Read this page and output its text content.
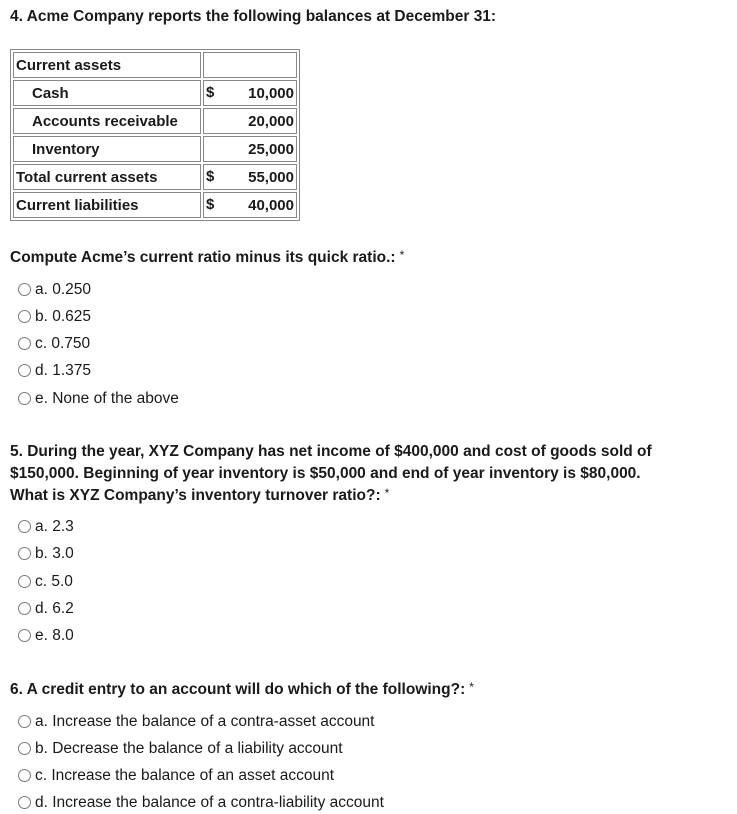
4. Acme Company reports the following balances at December 31:
Current assets	

Cash	$ 10,000
Accounts receivable	20,000
Inventory	25,000
Total current assets	$ 55,000
Current liabilities	$ 40,000
Compute Acme’s current ratio minus its quick ratio.: *
a. 0.250
b. 0.625
c. 0.750
d. 1.375
e. None of the above
5. During the year, XYZ Company has net income of $400,000 and cost of goods sold of
$150,000. Beginning of year inventory is $50,000 and end of year inventory is $80,000.
What is XYZ Company’s inventory turnover ratio?: *
a. 2.3
b. 3.0
c. 5.0
d. 6.2
e. 8.0
6. A credit entry to an account will do which of the following?: *
a. Increase the balance of a contra-asset account
b. Decrease the balance of a liability account
c. Increase the balance of an asset account
d. Increase the balance of a contra-liability account
